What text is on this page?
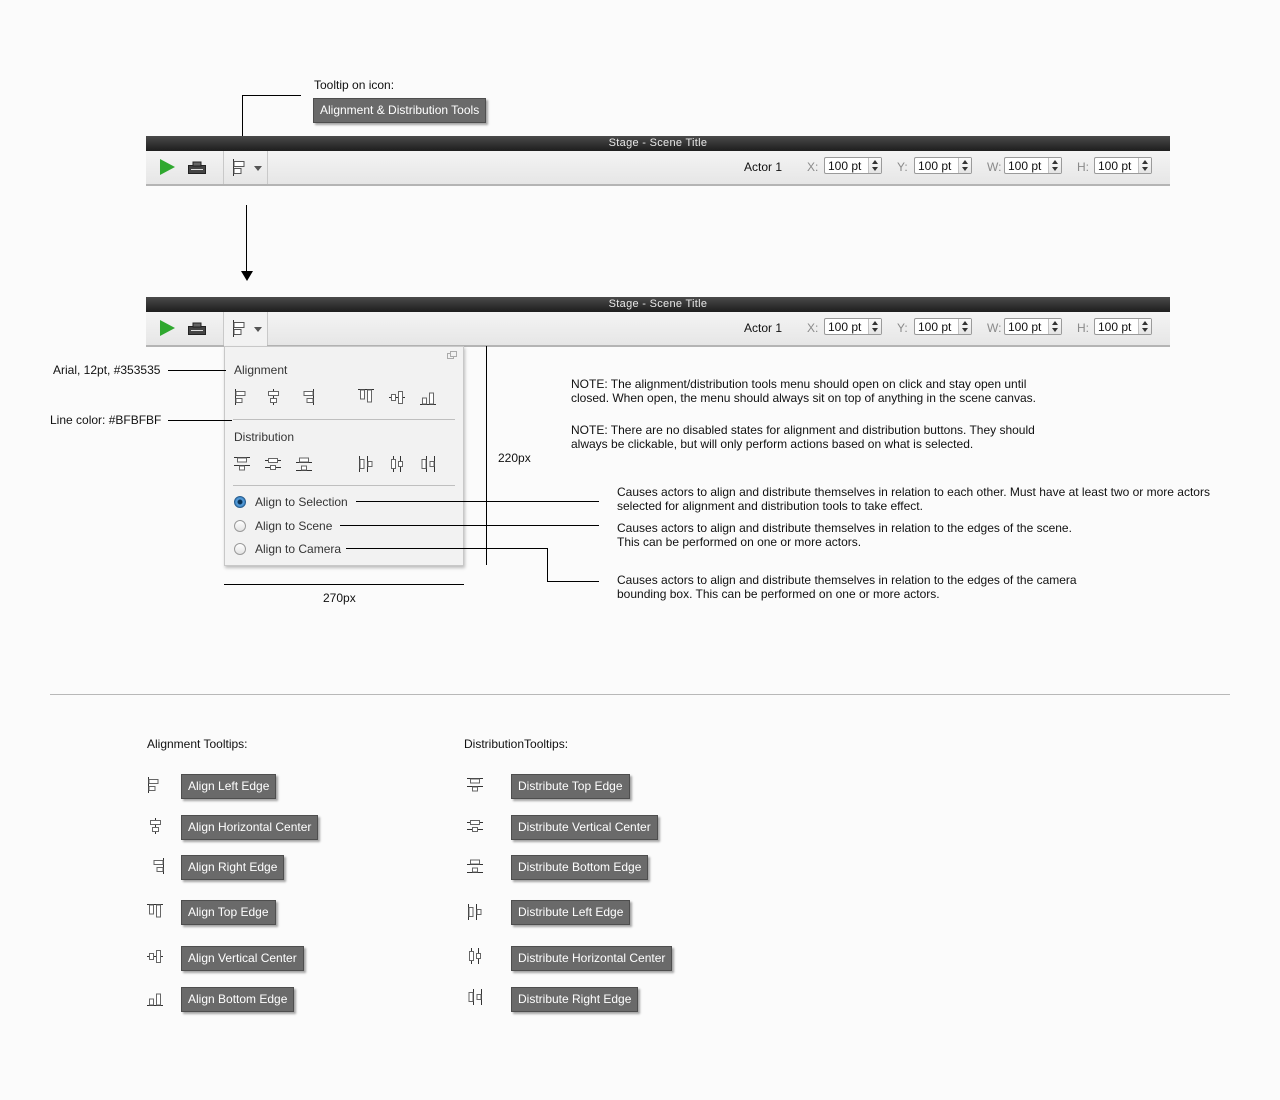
Tooltip on icon:
Alignment & Distribution Tools
Stage - Scene Title
Actor 1 X: 100 pt	Y: 100 pt	W: 100 pt	H: 100 pt
Stage - Scene Title
Actor 1 X: 100 pt	Y: 100 pt	W: 100 pt	H: 100 pt
Alignment
Distribution
Align to Selection
Align to Scene
Align to Camera
Arial, 12pt, #353535
Line color: #BFBFBF
220px
270px
NOTE: The alignment/distribution tools menu should open on click and stay open until closed. When open, the menu should always sit on top of anything in the scene canvas.
NOTE: There are no disabled states for alignment and distribution buttons. They should always be clickable, but will only perform actions based on what is selected.
Causes actors to align and distribute themselves in relation to each other. Must have at least two or more actors selected for alignment and distribution tools to take effect.
Causes actors to align and distribute themselves in relation to the edges of the scene. This can be performed on one or more actors.
Causes actors to align and distribute themselves in relation to the edges of the camera bounding box. This can be performed on one or more actors.
Alignment Tooltips:	DistributionTooltips:
Align Left Edge
Align Horizontal Center
Align Right Edge
Align Top Edge
Align Vertical Center
Align Bottom Edge
Distribute Top Edge
Distribute Vertical Center
Distribute Bottom Edge
Distribute Left Edge
Distribute Horizontal Center
Distribute Right Edge
